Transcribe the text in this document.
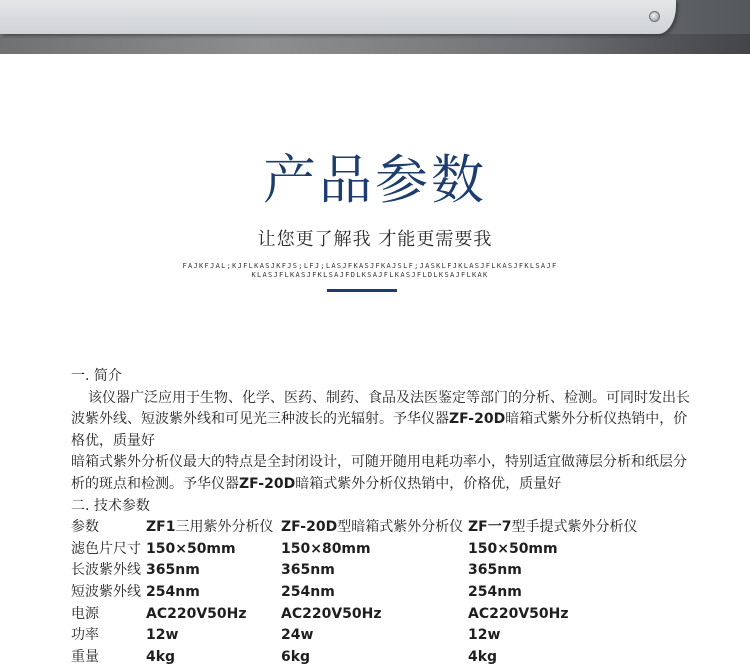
产品参数
让您更了解我 才能更需要我
FAJKFJAL;KJFLKASJKFJS;LFJ;LASJFKASJFKAJSLF;JASKLFJKLASJFLKASJFKLSAJF
KLASJFLKASJFKLSAJFDLKSAJFLKASJFLDLKSAJFLKAK

一. 简介

该仪器广泛应用于生物、化学、医药、制药、食品及法医鉴定等部门的分析、检测。可同时发出长波紫外线、短波紫外线和可见光三种波长的光辐射。予华仪器ZF-20D暗箱式紫外分析仪热销中，价格优，质量好

暗箱式紫外分析仪最大的特点是全封闭设计，可随开随用电耗功率小，特别适宜做薄层分析和纸层分析的斑点和检测。予华仪器ZF-20D暗箱式紫外分析仪热销中，价格优，质量好

二. 技术参数

参数	ZF1三用紫外分析仪	ZF-20D型暗箱式紫外分析仪	ZF一7型手提式紫外分析仪
滤色片尺寸	150×50mm	150×80mm	150×50mm
长波紫外线	365nm	365nm	365nm
短波紫外线	254nm	254nm	254nm
电源	AC220V50Hz	AC220V50Hz	AC220V50Hz
功率	12w	24w	12w
重量	4kg	6kg	4kg
